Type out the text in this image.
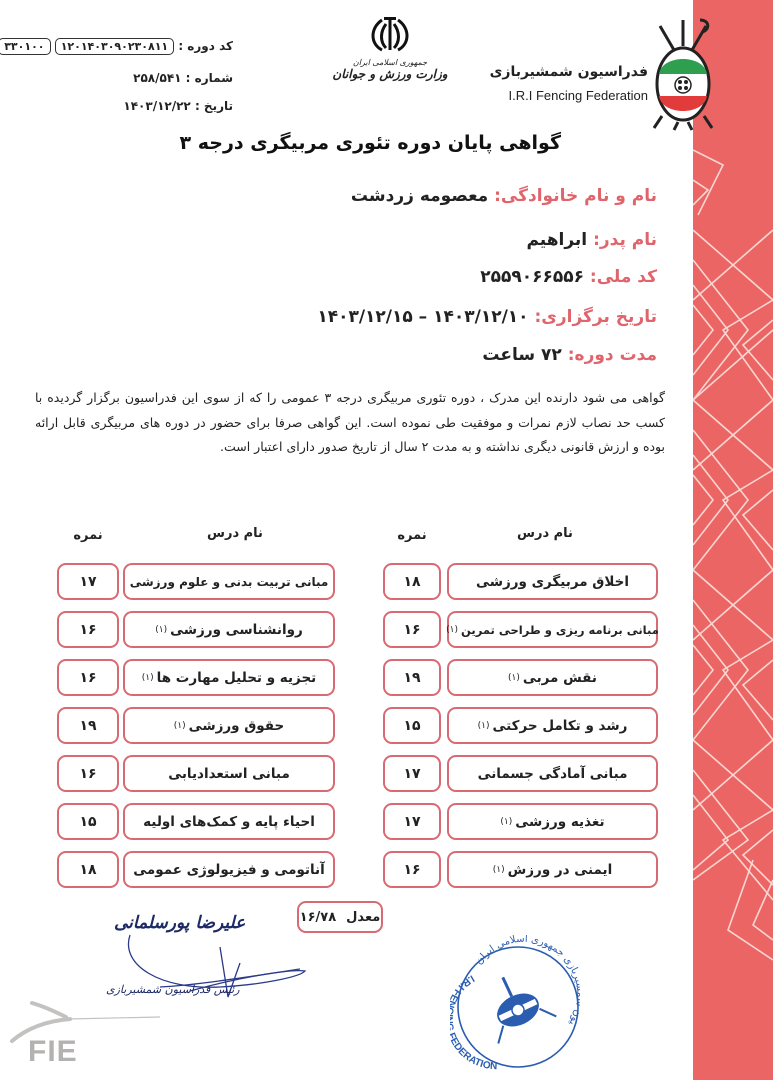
کد دوره : ۱۲۰۱۴۰۳۰۹۰۲۳۰۸۱۱ ۳۳۰۱۰۰
شماره : ۲۵۸/۵۴۱
تاریخ : ۱۴۰۳/۱۲/۲۲
جمهوری اسلامی ایران
وزارت ورزش و جوانان	فدراسیون شمشیربازی
I.R.I Fencing Federation
گواهی پایان دوره تئوری مربیگری درجه ۳
نام و نام خانوادگی: معصومه زردشت
نام پدر: ابراهیم
کد ملی: ۲۵۵۹۰۶۶۵۵۶
تاریخ برگزاری: ۱۴۰۳/۱۲/۱۰ – ۱۴۰۳/۱۲/۱۵
مدت دوره: ۷۲ ساعت
گواهی می شود دارنده این مدرک ، دوره تئوری مربیگری درجه ۳ عمومی را که از سوی این فدراسیون برگزار گردیده با کسب حد نصاب لازم نمرات و موفقیت طی نموده است. این گواهی صرفا برای حضور در دوره های مربیگری قابل ارائه بوده و ارزش قانونی دیگری نداشته و به مدت ۲ سال از تاریخ صدور دارای اعتبار است.
نام درس
نمره
نام درس
نمره
اخلاق مربیگری ورزشی
۱۸
مبانی برنامه ریزی و طراحی تمرین
(۱)
۱۶
نقش مربی
(۱)
۱۹
رشد و تکامل حرکتی
(۱)
۱۵
مبانی آمادگی جسمانی
۱۷
تغذیه ورزشی
(۱)
۱۷
ایمنی در ورزش
(۱)
۱۶
مبانی تربیت بدنی و علوم ورزشی
۱۷
روانشناسی ورزشی
(۱)
۱۶
تجزیه و تحلیل مهارت ها
(۱)
۱۶
حقوق ورزشی
(۱)
۱۹
مبانی استعدادیابی
۱۶
احیاء پایه و کمک‌های اولیه
۱۵
آناتومی و فیزیولوژی عمومی
۱۸
معدل
۱۶/۷۸
علیرضا پورسلمانی
رئیس فدراسیون شمشیربازی
FIE
I.R.I F DERATION
یو بازی جمهوری اسلامی ایران
